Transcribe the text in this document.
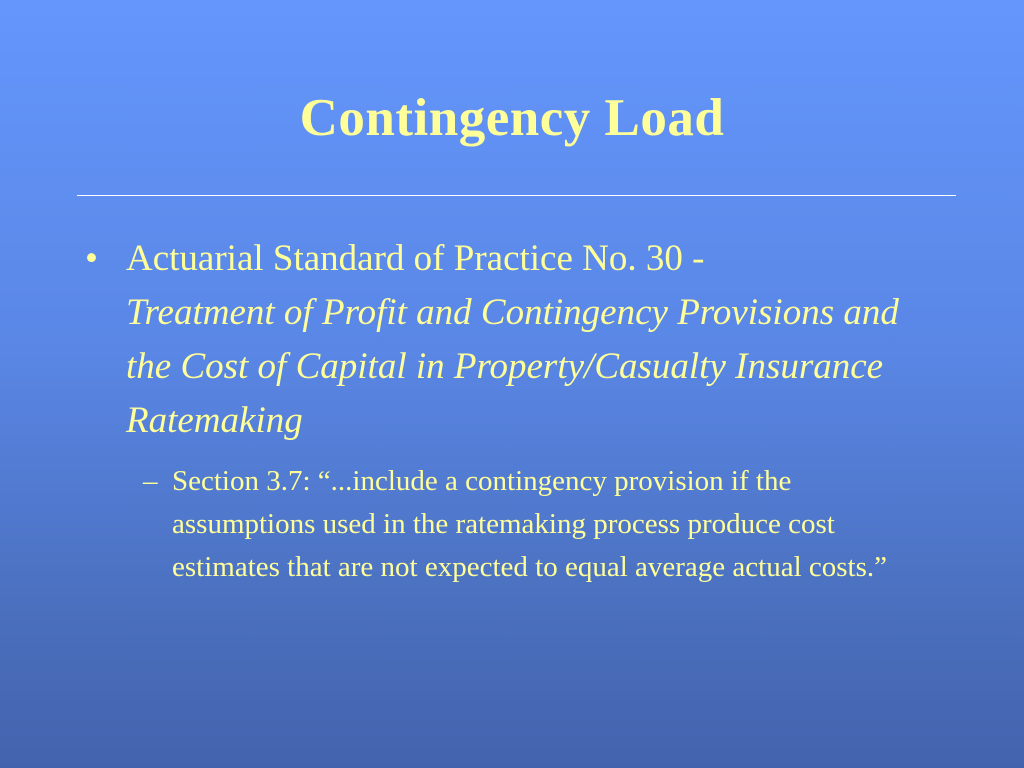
Contingency Load
• Actuarial Standard of Practice No. 30 -
Treatment of Profit and Contingency Provisions and the Cost of Capital in Property/Casualty Insurance Ratemaking
– Section 3.7: “...include a contingency provision if the assumptions used in the ratemaking process produce cost estimates that are not expected to equal average actual costs.”
